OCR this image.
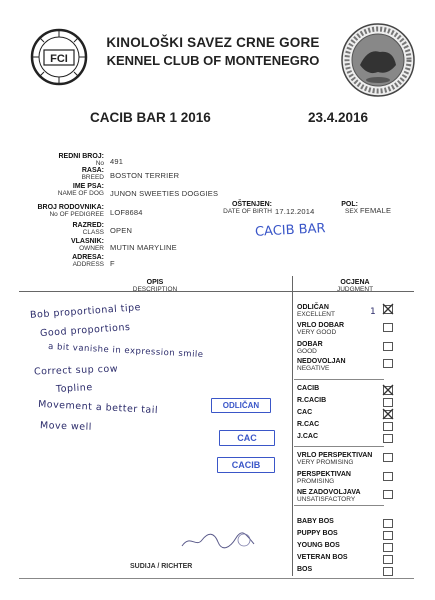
FCI
KINOLOŠKI SAVEZ CRNE GORE
KENNEL CLUB OF MONTENEGRO
CACIB BAR 1 2016	23.4.2016
REDNI BROJ:
No 491
RASA:
BREED BOSTON TERRIER
IME PSA:
NAME OF DOG JUNON SWEETIES DOGGIES
BROJ RODOVNIKA:
No OF PEDIGREE LOF8684
OŠTENJEN:
DATE OF BIRTH 17.12.2014
POL:
SEX FEMALE
RAZRED:
CLASS OPEN
VLASNIK:
OWNER MUTIN MARYLINE
ADRESA:
ADDRESS F
CACIB BAR
OPIS
DESCRIPTION
OCJENA
JUDGMENT
ODLIČAN
EXCELLENT
VRLO DOBAR
VERY GOOD
DOBAR
GOOD
NEDOVOLJAN
NEGATIVE
CACIB
R.CACIB
CAC
R.CAC
J.CAC
VRLO PERSPEKTIVAN
VERY PROMISING
PERSPEKTIVAN
PROMISING
NE ZADOVOLJAVA
UNSATISFACTORY
BABY BOS
PUPPY BOS
YOUNG BOS
VETERAN BOS
BOS
Bob proportional tipe
Good proportions
a bit vanishe in expression smile
Correct sup cow
Topline
Movement a better tail
Move well
1
ODLIČAN
CAC
CACIB
SUDIJA / RICHTER
